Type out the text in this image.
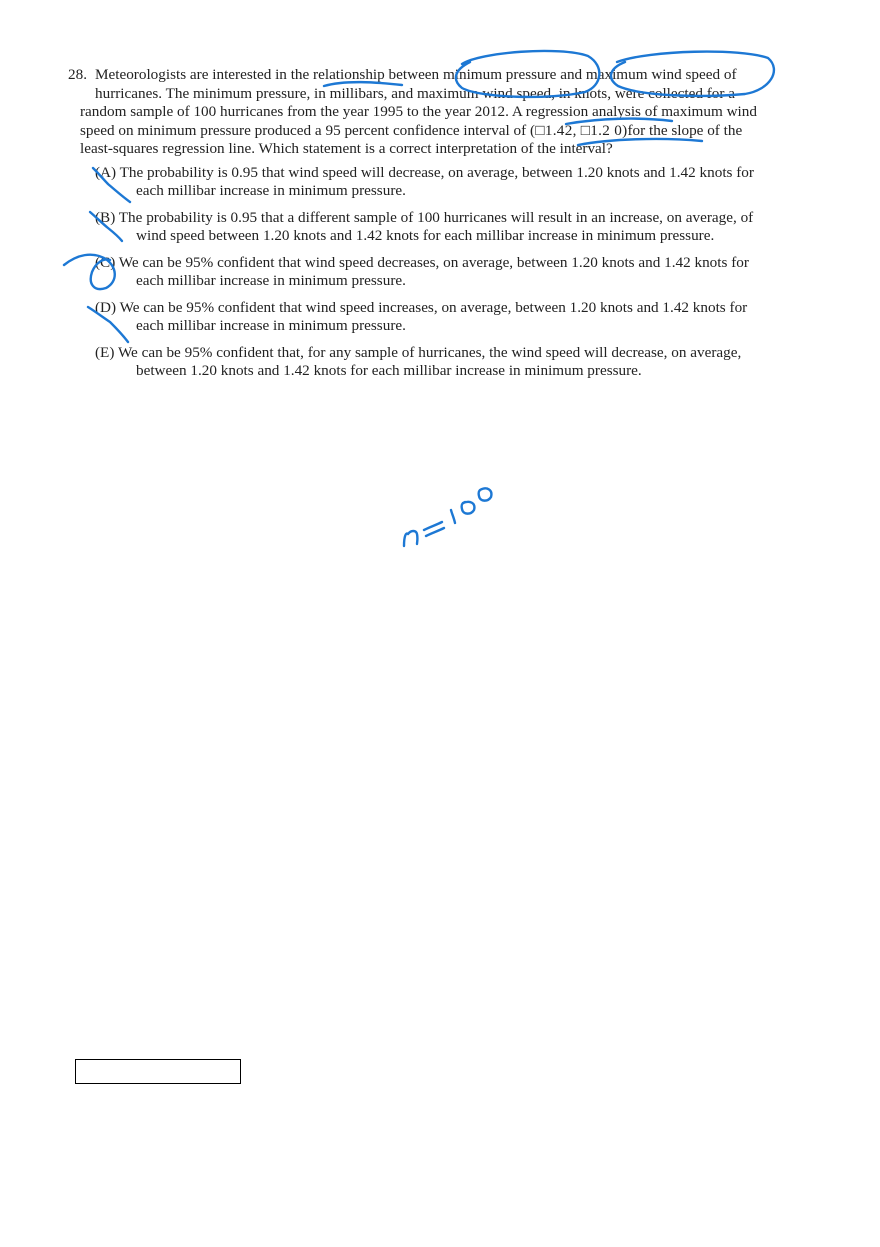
28. Meteorologists are interested in the relationship between minimum pressure and maximum wind speed of
hurricanes. The minimum pressure, in millibars, and maximum wind speed, in knots, were collected for a
random sample of 100 hurricanes from the year 1995 to the year 2012. A regression analysis of maximum wind
speed on minimum pressure produced a 95 percent confidence interval of (□1.42, □1.2 0)for the slope of the
least-squares regression line. Which statement is a correct interpretation of the interval?
(A) The probability is 0.95 that wind speed will decrease, on average, between 1.20 knots and 1.42 knots for
each millibar increase in minimum pressure.
(B) The probability is 0.95 that a different sample of 100 hurricanes will result in an increase, on average, of
wind speed between 1.20 knots and 1.42 knots for each millibar increase in minimum pressure.
(C) We can be 95% confident that wind speed decreases, on average, between 1.20 knots and 1.42 knots for
each millibar increase in minimum pressure.
(D) We can be 95% confident that wind speed increases, on average, between 1.20 knots and 1.42 knots for
each millibar increase in minimum pressure.
(E) We can be 95% confident that, for any sample of hurricanes, the wind speed will decrease, on average,
between 1.20 knots and 1.42 knots for each millibar increase in minimum pressure.
